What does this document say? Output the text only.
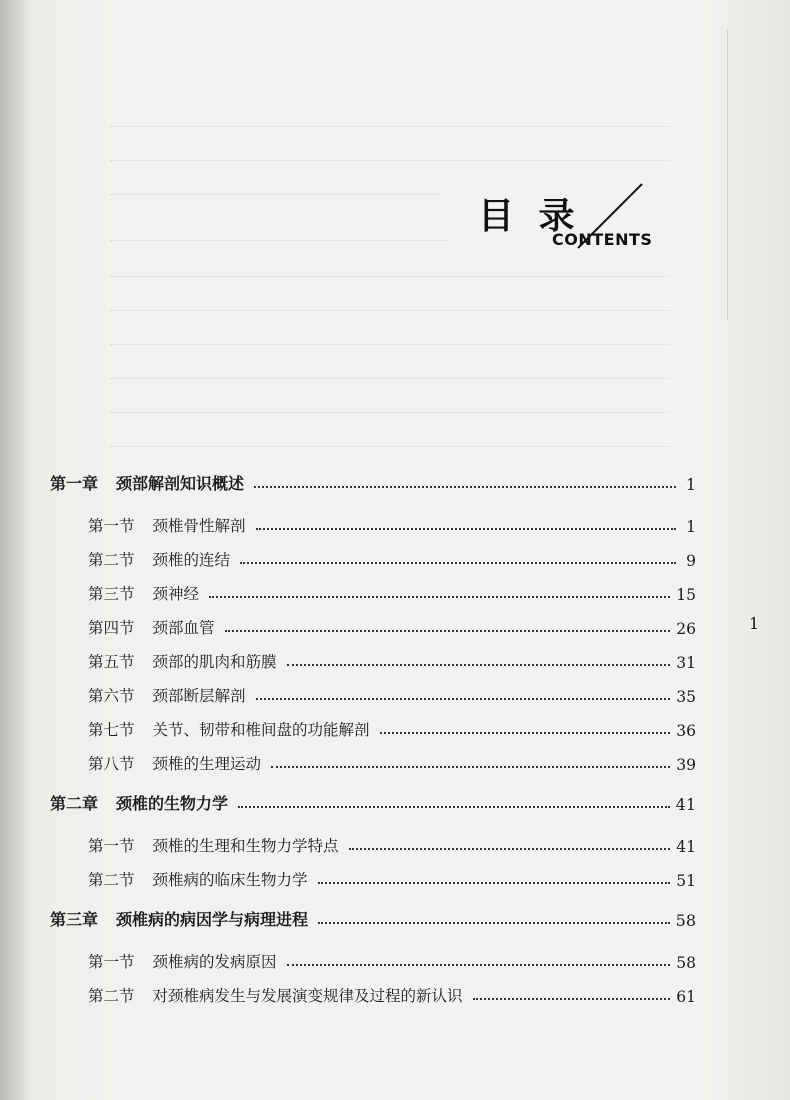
目 录
CONTENTS
第一章 颈部解剖知识概述	1
第一节 颈椎骨性解剖	1
第二节 颈椎的连结	9
第三节 颈神经	15
第四节 颈部血管	26
第五节 颈部的肌肉和筋膜	31
第六节 颈部断层解剖	35
第七节 关节、韧带和椎间盘的功能解剖	36
第八节 颈椎的生理运动	39
第二章 颈椎的生物力学	41
第一节 颈椎的生理和生物力学特点	41
第二节 颈椎病的临床生物力学	51
第三章 颈椎病的病因学与病理进程	58
第一节 颈椎病的发病原因	58
第二节 对颈椎病发生与发展演变规律及过程的新认识	61
1
